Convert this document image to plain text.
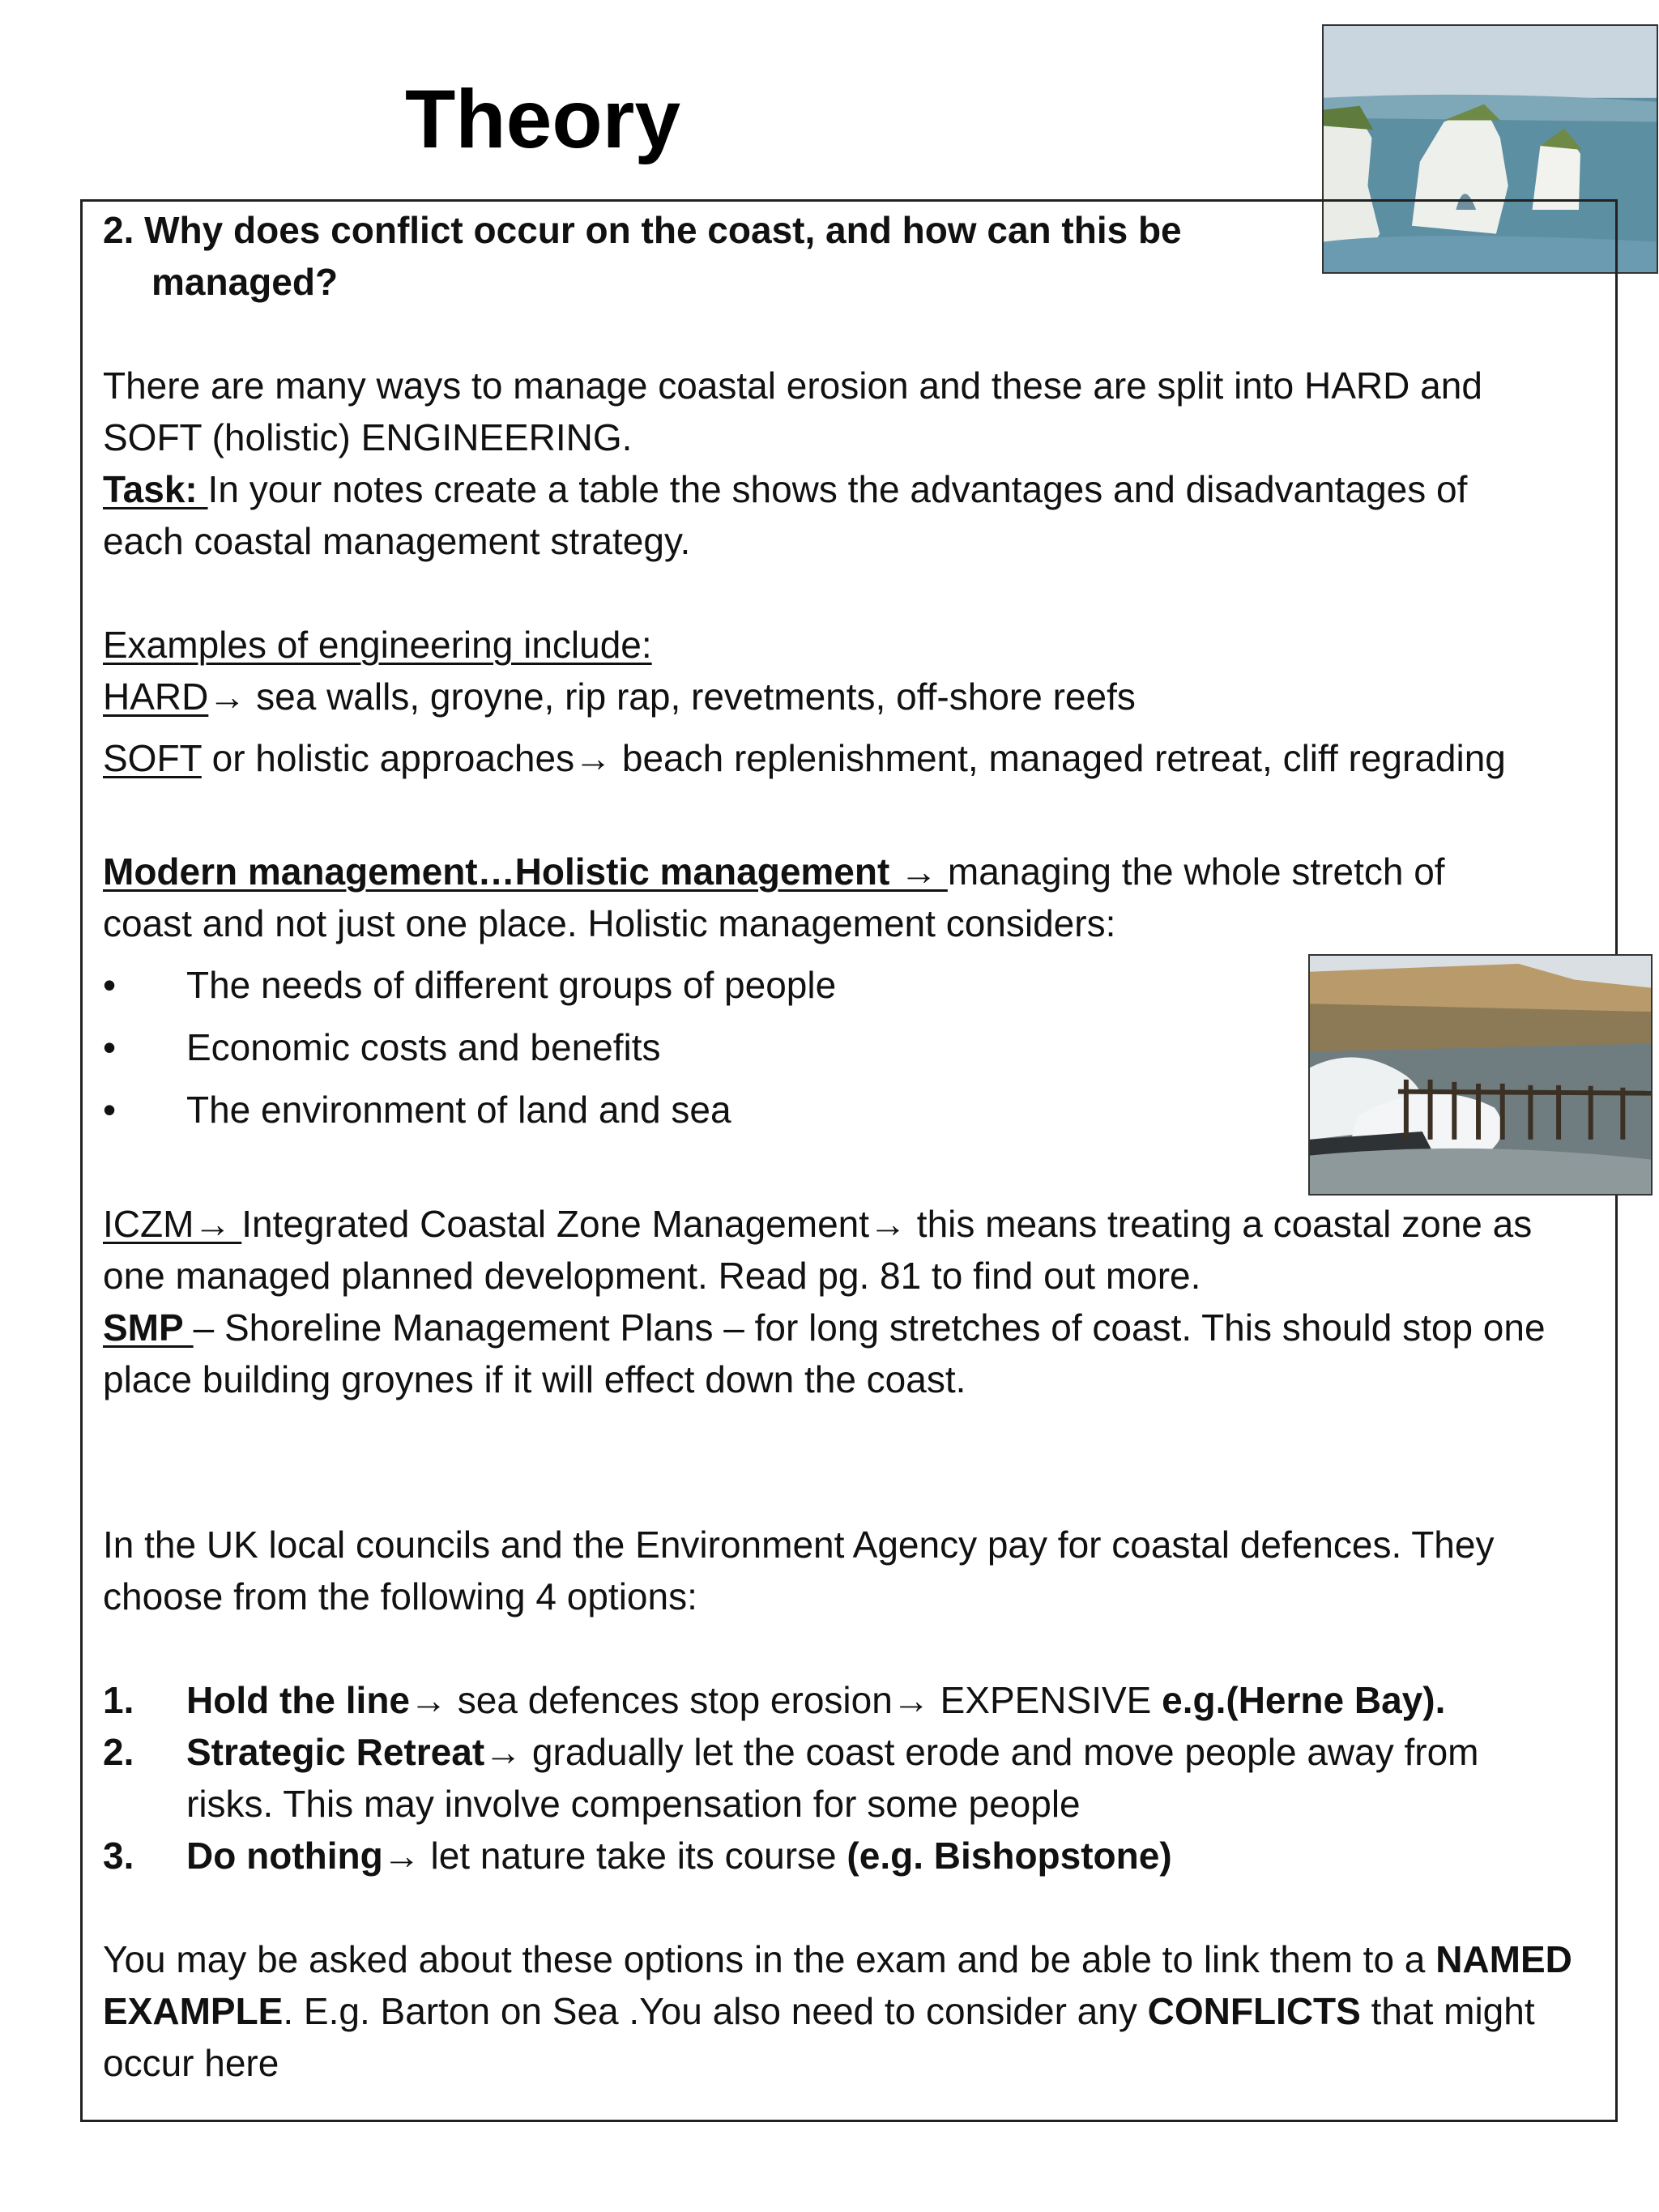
Theory

2. Why does conflict occur on the coast, and how can this be
managed?

There are many ways to manage coastal erosion and these are split into HARD and SOFT (holistic) ENGINEERING.

Task: In your notes create a table the shows the advantages and disadvantages of each coastal management strategy.

Examples of engineering include:

HARD→ sea walls, groyne, rip rap, revetments, off-shore reefs

SOFT or holistic approaches→ beach replenishment, managed retreat, cliff regrading

Modern management…Holistic management → managing the whole stretch of coast and not just one place. Holistic management considers:

• The needs of different groups of people
• Economic costs and benefits
• The environment of land and sea

ICZM→ Integrated Coastal Zone Management→ this means treating a coastal zone as one managed planned development. Read pg. 81 to find out more.

SMP – Shoreline Management Plans – for long stretches of coast. This should stop one place building groynes if it will effect down the coast.

In the UK local councils and the Environment Agency pay for coastal defences. They choose from the following 4 options:

1. Hold the line→ sea defences stop erosion→ EXPENSIVE e.g.(Herne Bay).
2. Strategic Retreat→ gradually let the coast erode and move people away from risks. This may involve compensation for some people
3. Do nothing→ let nature take its course (e.g. Bishopstone)

You may be asked about these options in the exam and be able to link them to a NAMED EXAMPLE. E.g. Barton on Sea .You also need to consider any CONFLICTS that might occur here
